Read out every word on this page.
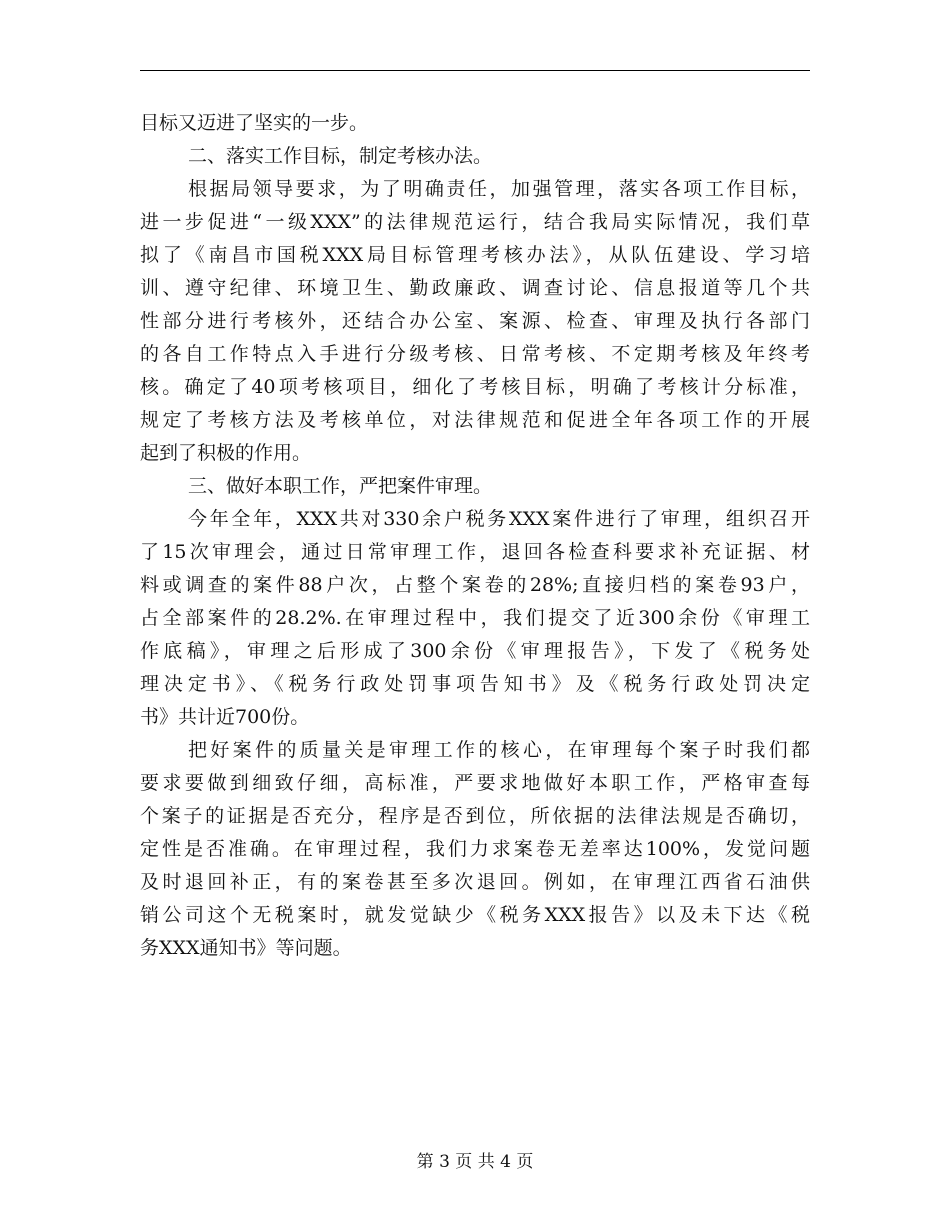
目标又迈进了坚实的一步。
二、落实工作目标，制定考核办法。
根据局领导要求，为了明确责任，加强管理，落实各项工作目标，
进一步促进“一级XXX”的法律规范运行，结合我局实际情况，我们草
拟了《南昌市国税XXX局目标管理考核办法》，从队伍建设、学习培
训、遵守纪律、环境卫生、勤政廉政、调查讨论、信息报道等几个共
性部分进行考核外，还结合办公室、案源、检查、审理及执行各部门
的各自工作特点入手进行分级考核、日常考核、不定期考核及年终考
核。确定了40项考核项目，细化了考核目标，明确了考核计分标准，
规定了考核方法及考核单位，对法律规范和促进全年各项工作的开展
起到了积极的作用。
三、做好本职工作，严把案件审理。
今年全年，XXX共对330余户税务XXX案件进行了审理，组织召开
了15次审理会，通过日常审理工作，退回各检查科要求补充证据、材
料或调查的案件88户次，占整个案卷的28%;直接归档的案卷93户，
占全部案件的28.2%.在审理过程中，我们提交了近300余份《审理工
作底稿》，审理之后形成了300余份《审理报告》，下发了《税务处
理决定书》、《税务行政处罚事项告知书》及《税务行政处罚决定
书》共计近700份。
把好案件的质量关是审理工作的核心，在审理每个案子时我们都
要求要做到细致仔细，高标准，严要求地做好本职工作，严格审查每
个案子的证据是否充分，程序是否到位，所依据的法律法规是否确切，
定性是否准确。在审理过程，我们力求案卷无差率达100%，发觉问题
及时退回补正，有的案卷甚至多次退回。例如，在审理江西省石油供
销公司这个无税案时，就发觉缺少《税务XXX报告》以及未下达《税
务XXX通知书》等问题。
第 3 页 共 4 页
